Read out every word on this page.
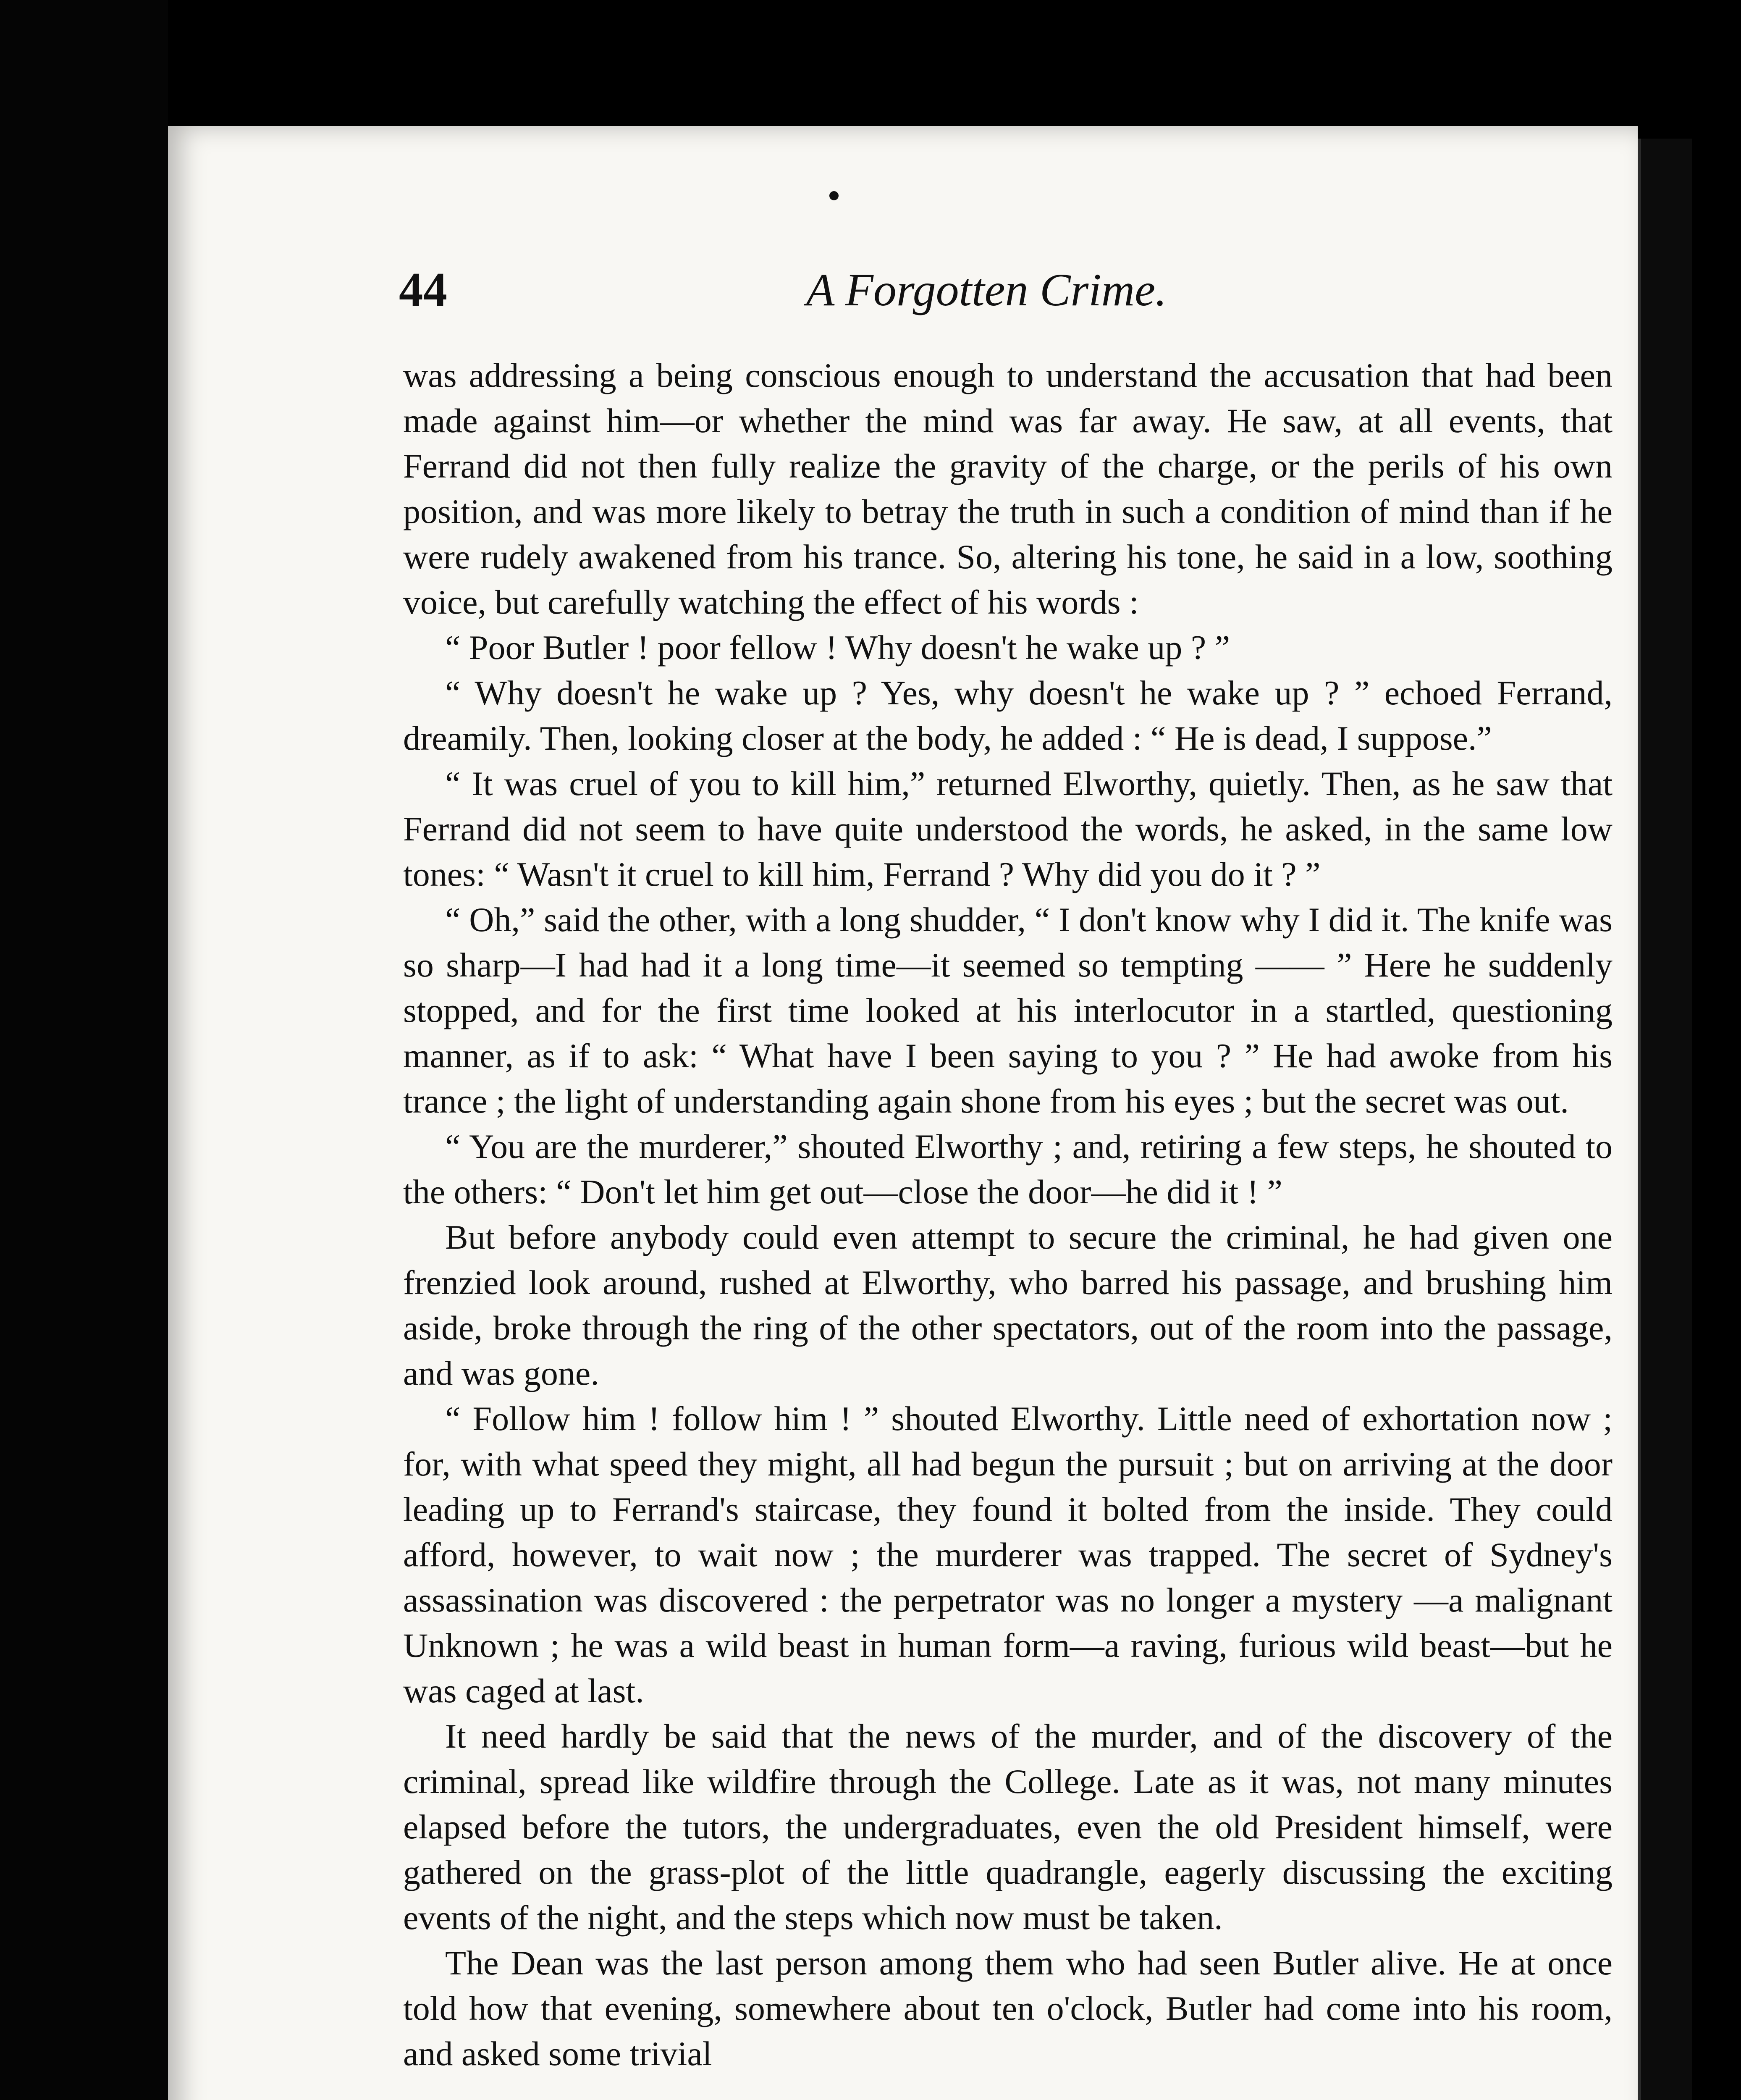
44	A Forgotten Crime.

was addressing a being conscious enough to understand the accusation that had been made against him—or whether the mind was far away. He saw, at all events, that Ferrand did not then fully realize the gravity of the charge, or the perils of his own position, and was more likely to betray the truth in such a condition of mind than if he were rudely awakened from his trance. So, altering his tone, he said in a low, soothing voice, but carefully watching the effect of his words :

“ Poor Butler ! poor fellow ! Why doesn't he wake up ? ”

“ Why doesn't he wake up ? Yes, why doesn't he wake up ? ” echoed Ferrand, dreamily. Then, looking closer at the body, he added : “ He is dead, I suppose.”

“ It was cruel of you to kill him,” returned Elworthy, quietly. Then, as he saw that Ferrand did not seem to have quite understood the words, he asked, in the same low tones: “ Wasn't it cruel to kill him, Ferrand ? Why did you do it ? ”

“ Oh,” said the other, with a long shudder, “ I don't know why I did it. The knife was so sharp—I had had it a long time—it seemed so tempting —— ” Here he suddenly stopped, and for the first time looked at his interlocutor in a startled, questioning manner, as if to ask: “ What have I been saying to you ? ” He had awoke from his trance ; the light of understanding again shone from his eyes ; but the secret was out.

“ You are the murderer,” shouted Elworthy ; and, retiring a few steps, he shouted to the others: “ Don't let him get out—close the door—he did it ! ”

But before anybody could even attempt to secure the criminal, he had given one frenzied look around, rushed at Elworthy, who barred his passage, and brushing him aside, broke through the ring of the other spectators, out of the room into the passage, and was gone.

“ Follow him ! follow him ! ” shouted Elworthy. Little need of exhortation now ; for, with what speed they might, all had begun the pursuit ; but on arriving at the door leading up to Ferrand's staircase, they found it bolted from the inside. They could afford, however, to wait now ; the murderer was trapped. The secret of Sydney's assassination was discovered : the perpetrator was no longer a mystery —a malignant Unknown ; he was a wild beast in human form—a raving, furious wild beast—but he was caged at last.

It need hardly be said that the news of the murder, and of the discovery of the criminal, spread like wildfire through the College. Late as it was, not many minutes elapsed before the tutors, the undergraduates, even the old President himself, were gathered on the grass-plot of the little quadrangle, eagerly discussing the exciting events of the night, and the steps which now must be taken.

The Dean was the last person among them who had seen Butler alive. He at once told how that evening, somewhere about ten o'clock, Butler had come into his room, and asked some trivial
